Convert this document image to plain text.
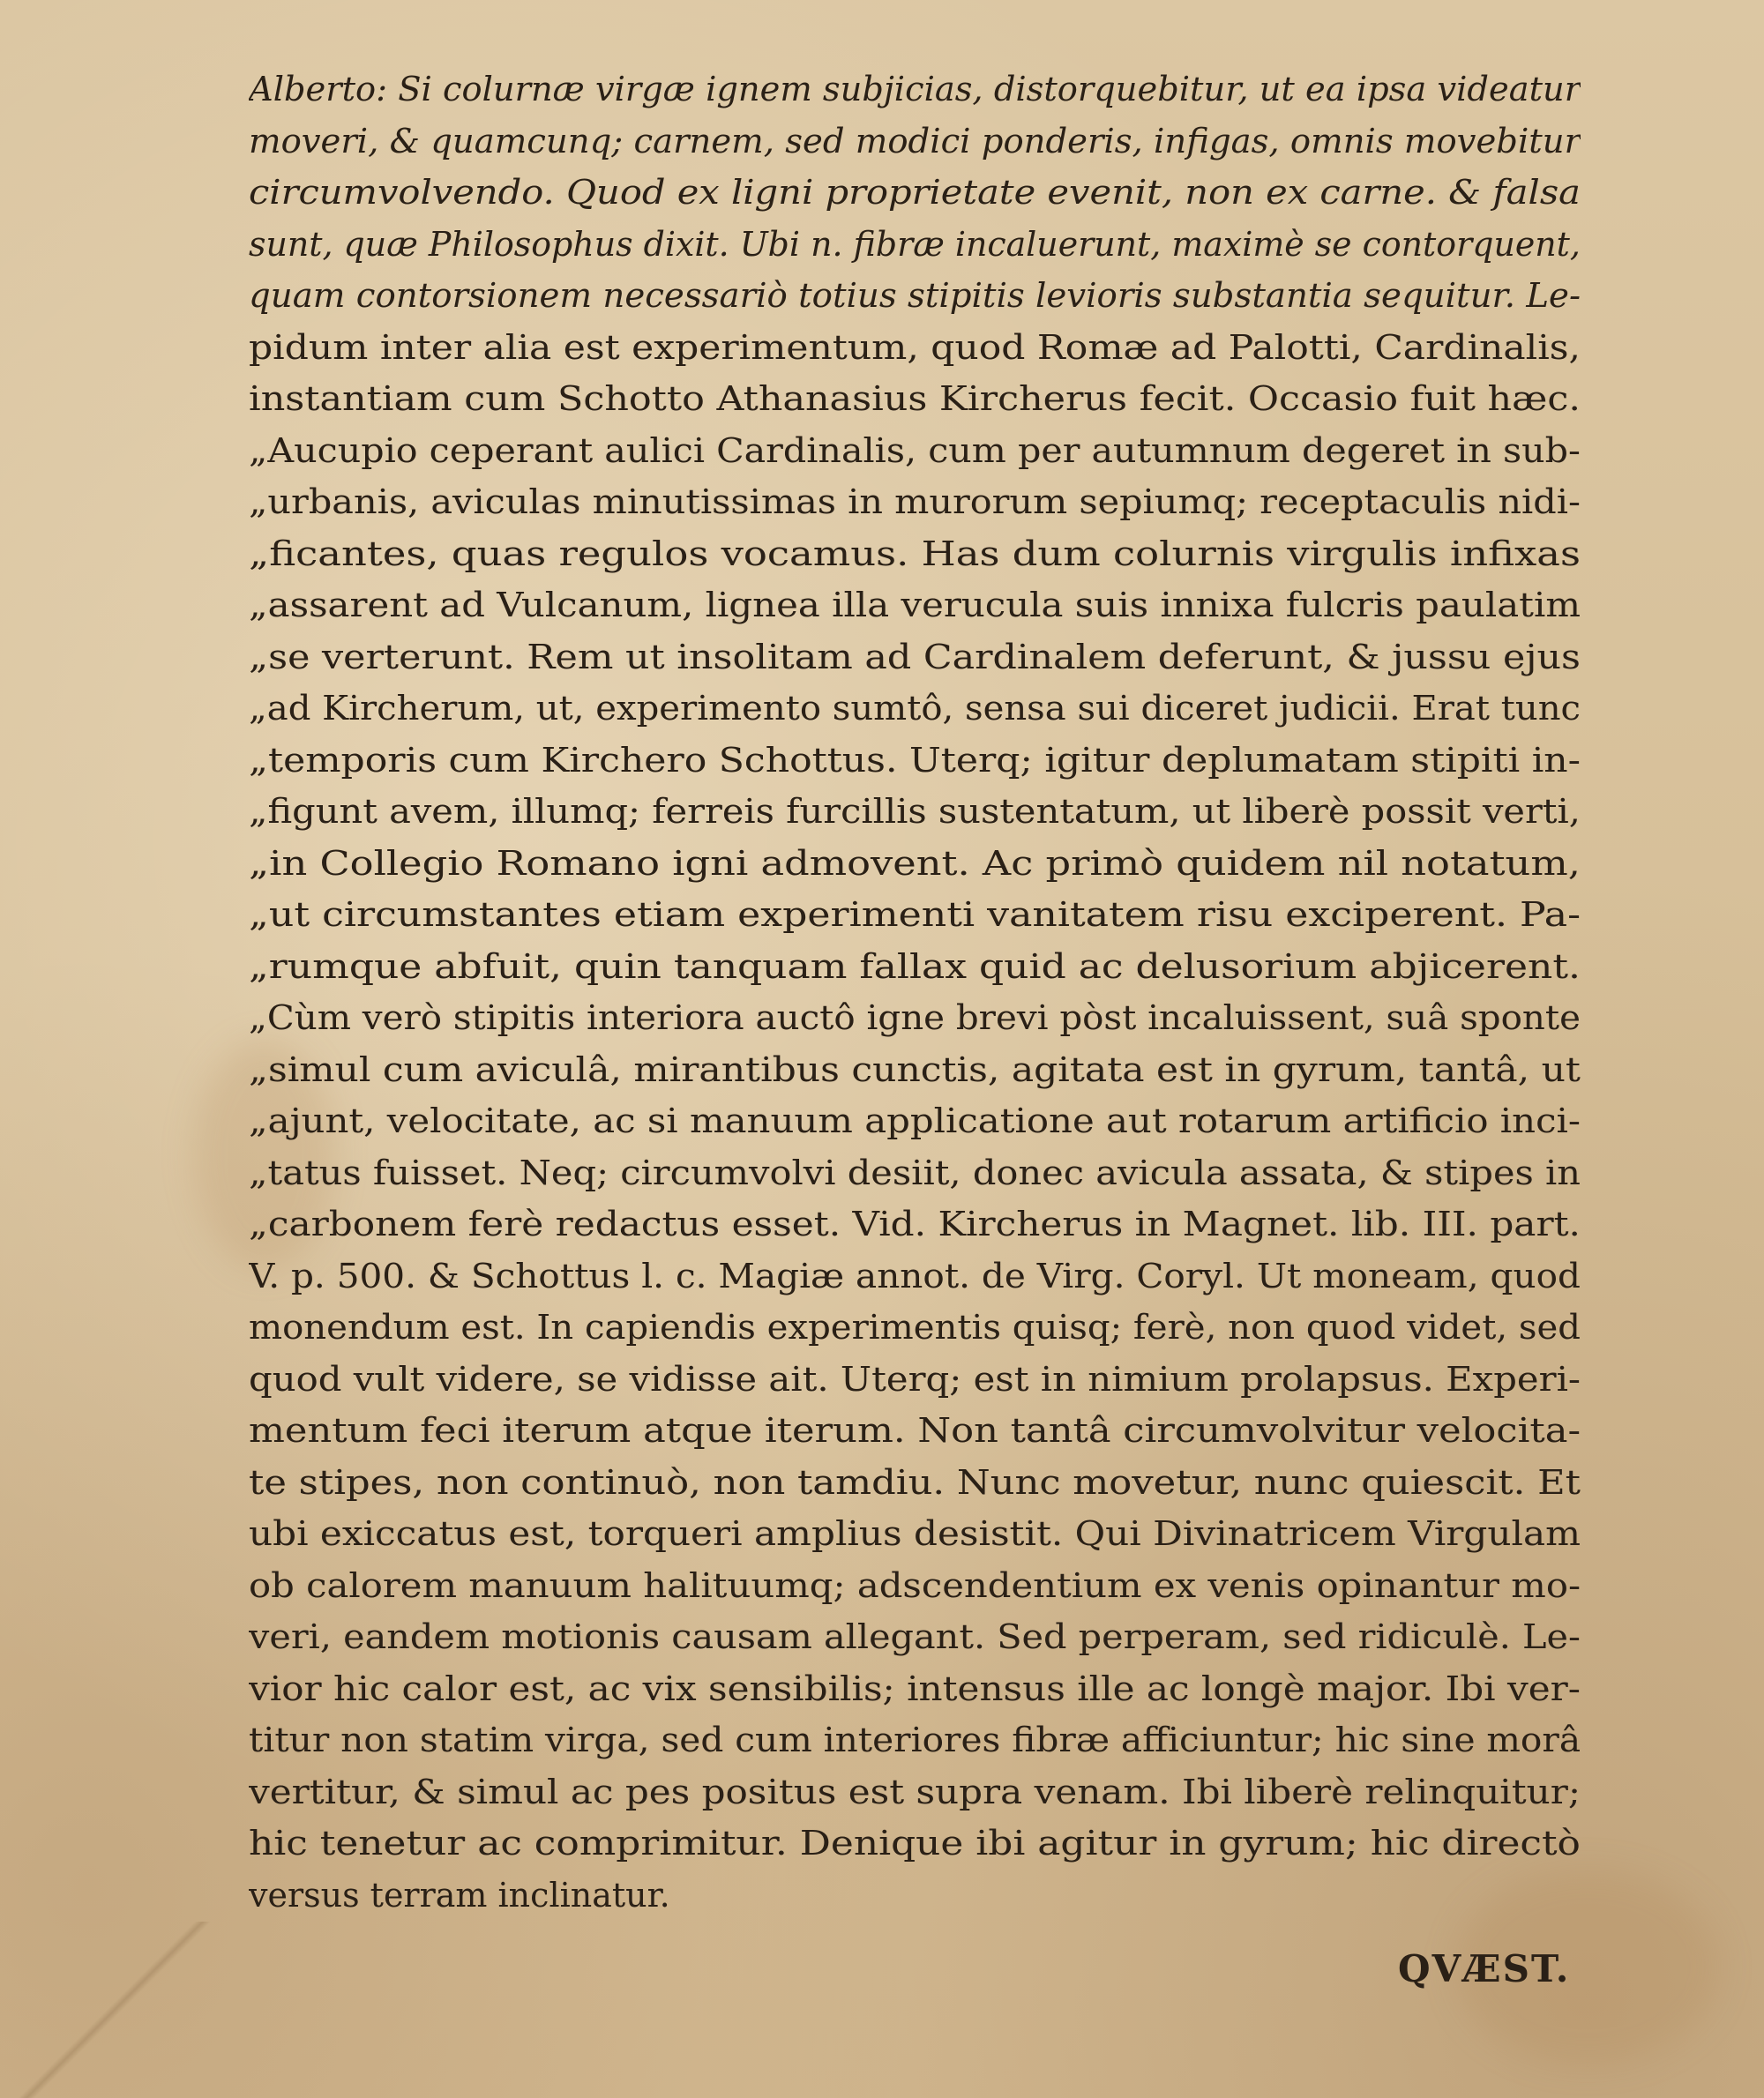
Alberto: Si colurnæ virgæ ignem subjicias, distorquebitur, ut ea ipsa videatur
moveri, & quamcunq; carnem, sed modici ponderis, infigas, omnis movebitur
circumvolvendo. Quod ex ligni proprietate evenit, non ex carne. & falsa
sunt, quæ Philosophus dixit. Ubi n. fibræ incaluerunt, maximè se contorquent,
quam contorsionem necessariò totius stipitis levioris substantia sequitur. Le-
pidum inter alia est experimentum, quod Romæ ad Palotti, Cardinalis,
instantiam cum Schotto Athanasius Kircherus fecit. Occasio fuit hæc.
„Aucupio ceperant aulici Cardinalis, cum per autumnum degeret in sub-
„urbanis, aviculas minutissimas in murorum sepiumq; receptaculis nidi-
„ficantes, quas regulos vocamus. Has dum colurnis virgulis infixas
„assarent ad Vulcanum, lignea illa verucula suis innixa fulcris paulatim
„se verterunt. Rem ut insolitam ad Cardinalem deferunt, & jussu ejus
„ad Kircherum, ut, experimento sumtô, sensa sui diceret judicii. Erat tunc
„temporis cum Kirchero Schottus. Uterq; igitur deplumatam stipiti in-
„figunt avem, illumq; ferreis furcillis sustentatum, ut liberè possit verti,
„in Collegio Romano igni admovent. Ac primò quidem nil notatum,
„ut circumstantes etiam experimenti vanitatem risu exciperent. Pa-
„rumque abfuit, quin tanquam fallax quid ac delusorium abjicerent.
„Cùm verò stipitis interiora auctô igne brevi pòst incaluissent, suâ sponte
„simul cum aviculâ, mirantibus cunctis, agitata est in gyrum, tantâ, ut
„ajunt, velocitate, ac si manuum applicatione aut rotarum artificio inci-
„tatus fuisset. Neq; circumvolvi desiit, donec avicula assata, & stipes in
„carbonem ferè redactus esset. Vid. Kircherus in Magnet. lib. III. part.
V. p. 500. & Schottus l. c. Magiæ annot. de Virg. Coryl. Ut moneam, quod
monendum est. In capiendis experimentis quisq; ferè, non quod videt, sed
quod vult videre, se vidisse ait. Uterq; est in nimium prolapsus. Experi-
mentum feci iterum atque iterum. Non tantâ circumvolvitur velocita-
te stipes, non continuò, non tamdiu. Nunc movetur, nunc quiescit. Et
ubi exiccatus est, torqueri amplius desistit. Qui Divinatricem Virgulam
ob calorem manuum halituumq; adscendentium ex venis opinantur mo-
veri, eandem motionis causam allegant. Sed perperam, sed ridiculè. Le-
vior hic calor est, ac vix sensibilis; intensus ille ac longè major. Ibi ver-
titur non statim virga, sed cum interiores fibræ afficiuntur; hic sine morâ
vertitur, & simul ac pes positus est supra venam. Ibi liberè relinquitur;
hic tenetur ac comprimitur. Denique ibi agitur in gyrum; hic directò
versus terram inclinatur.
QVÆST.
